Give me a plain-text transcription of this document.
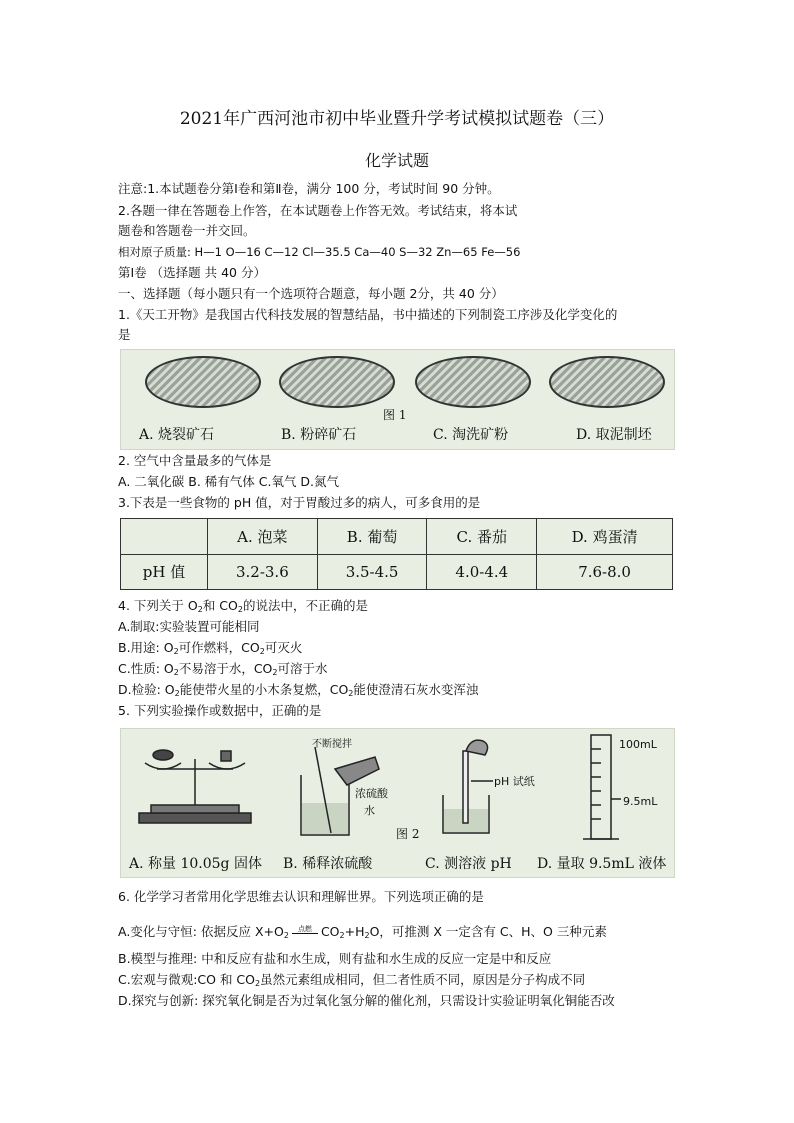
2021年广西河池市初中毕业暨升学考试模拟试题卷（三）
化学试题
注意:1.本试题卷分第Ⅰ卷和第Ⅱ卷，满分 100 分，考试时间 90 分钟。
2.各题一律在答题卷上作答，在本试题卷上作答无效。考试结束，将本试
题卷和答题卷一并交回。
相对原子质量: H—1 O—16 C—12 Cl—35.5 Ca—40 S—32 Zn—65 Fe—56
第Ⅰ卷 （选择题 共 40 分）
一、选择题（每小题只有一个选项符合题意，每小题 2分，共 40 分）
1.《天工开物》是我国古代科技发展的智慧结晶，书中描述的下列制瓷工序涉及化学变化的
是
图 1
A. 烧裂矿石	B. 粉碎矿石	C. 淘洗矿粉	D. 取泥制坯
2. 空气中含量最多的气体是
A. 二氧化碳 B. 稀有气体 C.氧气 D.氮气
3.下表是一些食物的 pH 值，对于胃酸过多的病人，可多食用的是
	A. 泡菜	B. 葡萄	C. 番茄	D. 鸡蛋清
pH 值	3.2-3.6	3.5-4.5	4.0-4.4	7.6-8.0
4. 下列关于 $O_2$和 $CO_2$的说法中，不正确的是
A.制取:实验装置可能相同
B.用途: $O_2$可作燃料，$CO_2$可灭火
C.性质: $O_2$不易溶于水，$CO_2$可溶于水
D.检验: $O_2$能使带火星的小木条复燃，$CO_2$能使澄清石灰水变浑浊
5. 下列实验操作或数据中，正确的是
不断搅拌
浓硫酸
水
pH 试纸
100mL
9.5mL
图 2
A. 称量 10.05g 固体 B. 稀释浓硫酸	C. 测溶液 pH D. 量取 9.5mL 液体
6. 化学学习者常用化学思维去认识和理解世界。下列选项正确的是
A.变化与守恒: 依据反应 $X+O_2$
点燃 $CO_2+H_2O$，可推测 X 一定含有 C、H、O 三种元素
B.模型与推理: 中和反应有盐和水生成，则有盐和水生成的反应一定是中和反应
C.宏观与微观:CO 和 $CO_2$虽然元素组成相同，但二者性质不同，原因是分子构成不同
D.探究与创新: 探究氧化铜是否为过氧化氢分解的催化剂，只需设计实验证明氧化铜能否改
